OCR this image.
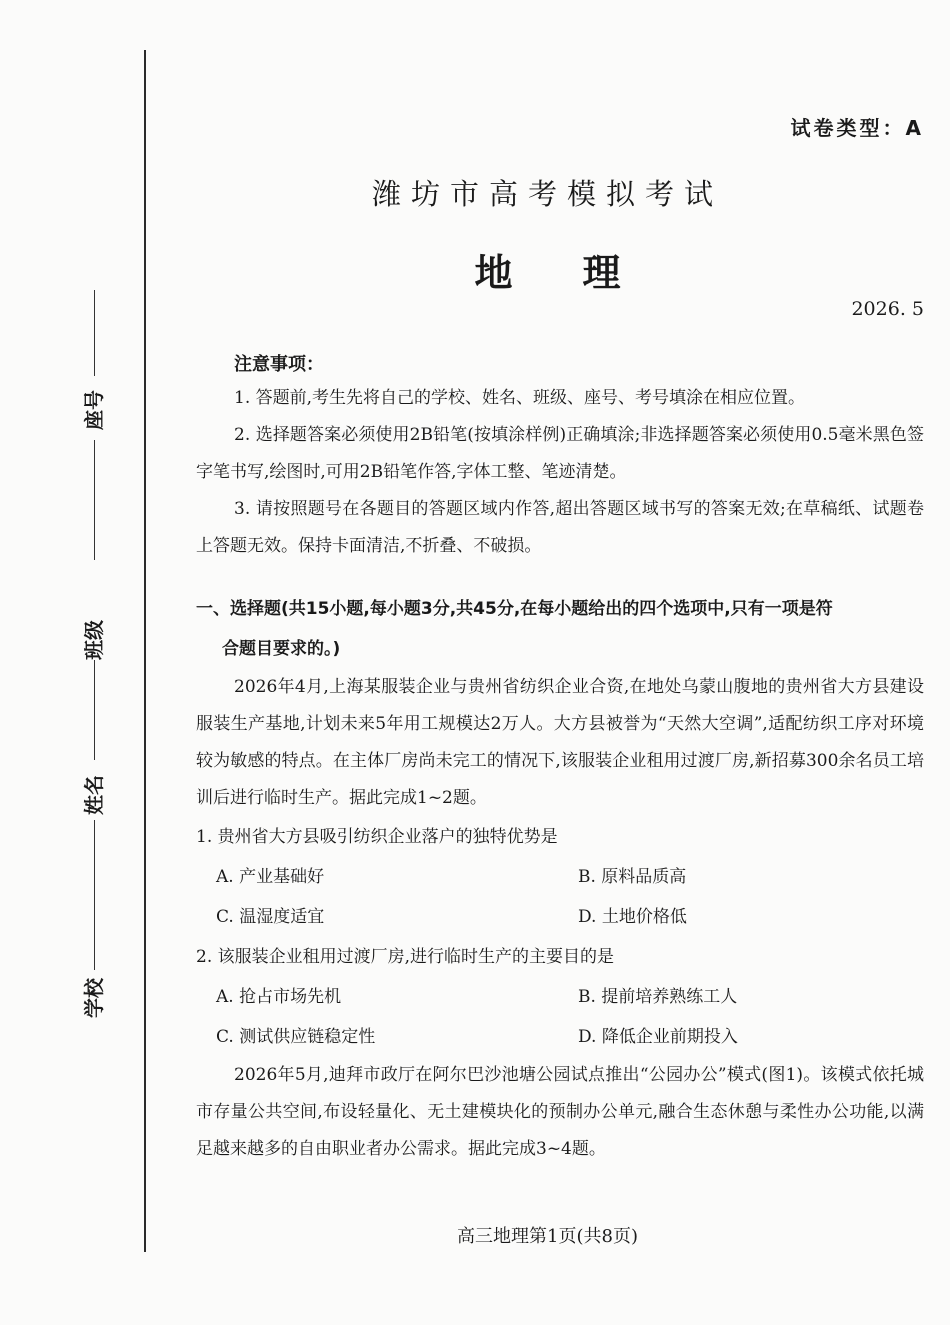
座号
班级
姓名
学校
试卷类型：A
潍坊市高考模拟考试
地理
2026. 5
注意事项：

1. 答题前,考生先将自己的学校、姓名、班级、座号、考号填涂在相应位置。

2. 选择题答案必须使用2B铅笔(按填涂样例)正确填涂;非选择题答案必须使用0.5毫米黑色签字笔书写,绘图时,可用2B铅笔作答,字体工整、笔迹清楚。

3. 请按照题号在各题目的答题区域内作答,超出答题区域书写的答案无效;在草稿纸、试题卷上答题无效。保持卡面清洁,不折叠、不破损。

一、选择题(共15小题,每小题3分,共45分,在每小题给出的四个选项中,只有一项是符
合题目要求的。)

2026年4月,上海某服装企业与贵州省纺织企业合资,在地处乌蒙山腹地的贵州省大方县建设服装生产基地,计划未来5年用工规模达2万人。大方县被誉为“天然大空调”,适配纺织工序对环境较为敏感的特点。在主体厂房尚未完工的情况下,该服装企业租用过渡厂房,新招募300余名员工培训后进行临时生产。据此完成1~2题。

1. 贵州省大方县吸引纺织企业落户的独特优势是

A. 产业基础好	B. 原料品质高
C. 温湿度适宜	D. 土地价格低

2. 该服装企业租用过渡厂房,进行临时生产的主要目的是

A. 抢占市场先机	B. 提前培养熟练工人
C. 测试供应链稳定性	D. 降低企业前期投入

2026年5月,迪拜市政厅在阿尔巴沙池塘公园试点推出“公园办公”模式(图1)。该模式依托城市存量公共空间,布设轻量化、无土建模块化的预制办公单元,融合生态休憩与柔性办公功能,以满足越来越多的自由职业者办公需求。据此完成3~4题。

高三地理第1页(共8页)
